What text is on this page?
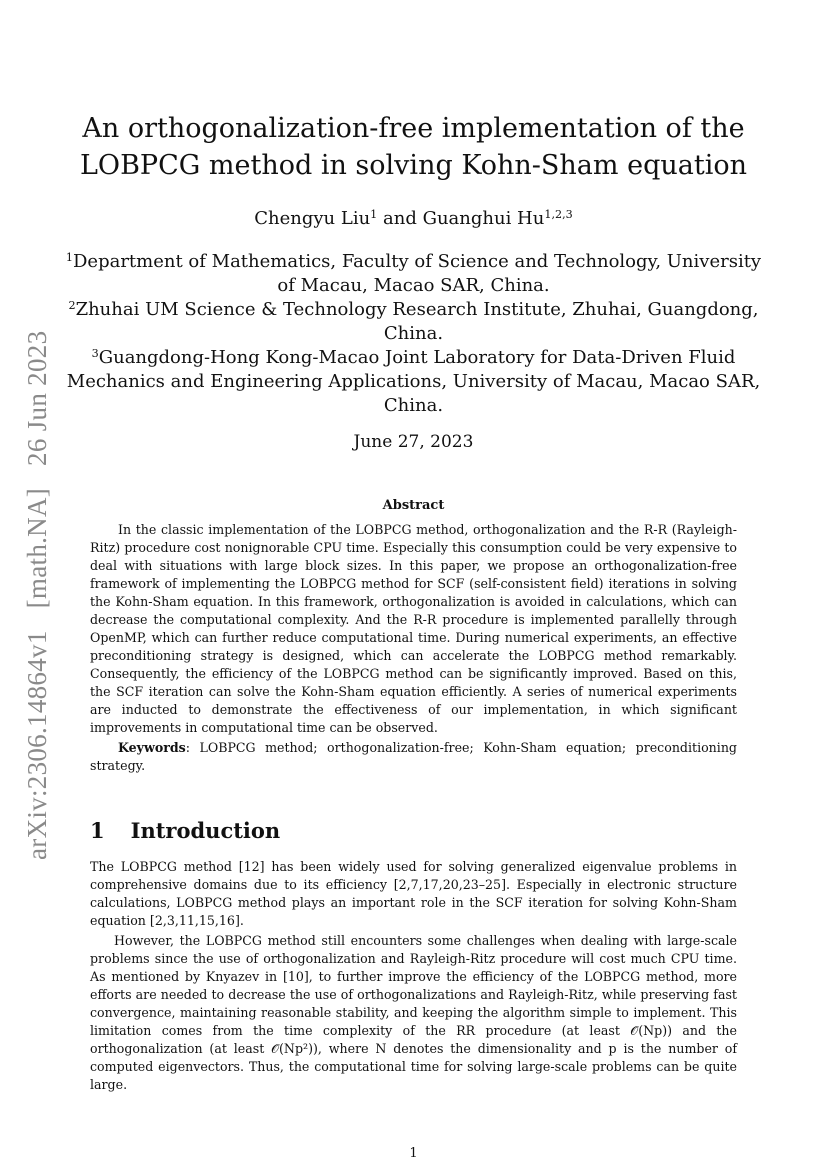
arXiv:2306.14864v1[math.NA]26 Jun 2023
An orthogonalization-free implementation of the
LOBPCG method in solving Kohn-Sham equation
Chengyu Liu$^1$ and Guanghui Hu$^{1,2,3}$
$^1$Department of Mathematics, Faculty of Science and Technology, University of Macau, Macao SAR, China.
$^2$Zhuhai UM Science & Technology Research Institute, Zhuhai, Guangdong, China.
$^3$Guangdong-Hong Kong-Macao Joint Laboratory for Data-Driven Fluid Mechanics and Engineering Applications, University of Macau, Macao SAR, China.
June 27, 2023
Abstract

In the classic implementation of the LOBPCG method, orthogonalization and the R-R (Rayleigh-Ritz) procedure cost nonignorable CPU time. Especially this consumption could be very expensive to deal with situations with large block sizes. In this paper, we propose an orthogonalization-free framework of implementing the LOBPCG method for SCF (self-consistent field) iterations in solving the Kohn-Sham equation. In this framework, orthogonalization is avoided in calculations, which can decrease the computational complexity. And the R-R procedure is implemented parallelly through OpenMP, which can further reduce computational time. During numerical experiments, an effective preconditioning strategy is designed, which can accelerate the LOBPCG method remarkably. Consequently, the efficiency of the LOBPCG method can be significantly improved. Based on this, the SCF iteration can solve the Kohn-Sham equation efficiently. A series of numerical experiments are inducted to demonstrate the effectiveness of our implementation, in which significant improvements in computational time can be observed.

Keywords: LOBPCG method; orthogonalization-free; Kohn-Sham equation; preconditioning strategy.

1 Introduction

The LOBPCG method [12] has been widely used for solving generalized eigenvalue problems in comprehensive domains due to its efficiency [2,7,17,20,23–25]. Especially in electronic structure calculations, LOBPCG method plays an important role in the SCF iteration for solving Kohn-Sham equation [2,3,11,15,16].

However, the LOBPCG method still encounters some challenges when dealing with large-scale problems since the use of orthogonalization and Rayleigh-Ritz procedure will cost much CPU time. As mentioned by Knyazev in [10], to further improve the efficiency of the LOBPCG method, more efforts are needed to decrease the use of orthogonalizations and Rayleigh-Ritz, while preserving fast convergence, maintaining reasonable stability, and keeping the algorithm simple to implement. This limitation comes from the time complexity of the RR procedure (at least 𝒪(Np)) and the orthogonalization (at least 𝒪(Np²)), where N denotes the dimensionality and p is the number of computed eigenvectors. Thus, the computational time for solving large-scale problems can be quite large.

1
